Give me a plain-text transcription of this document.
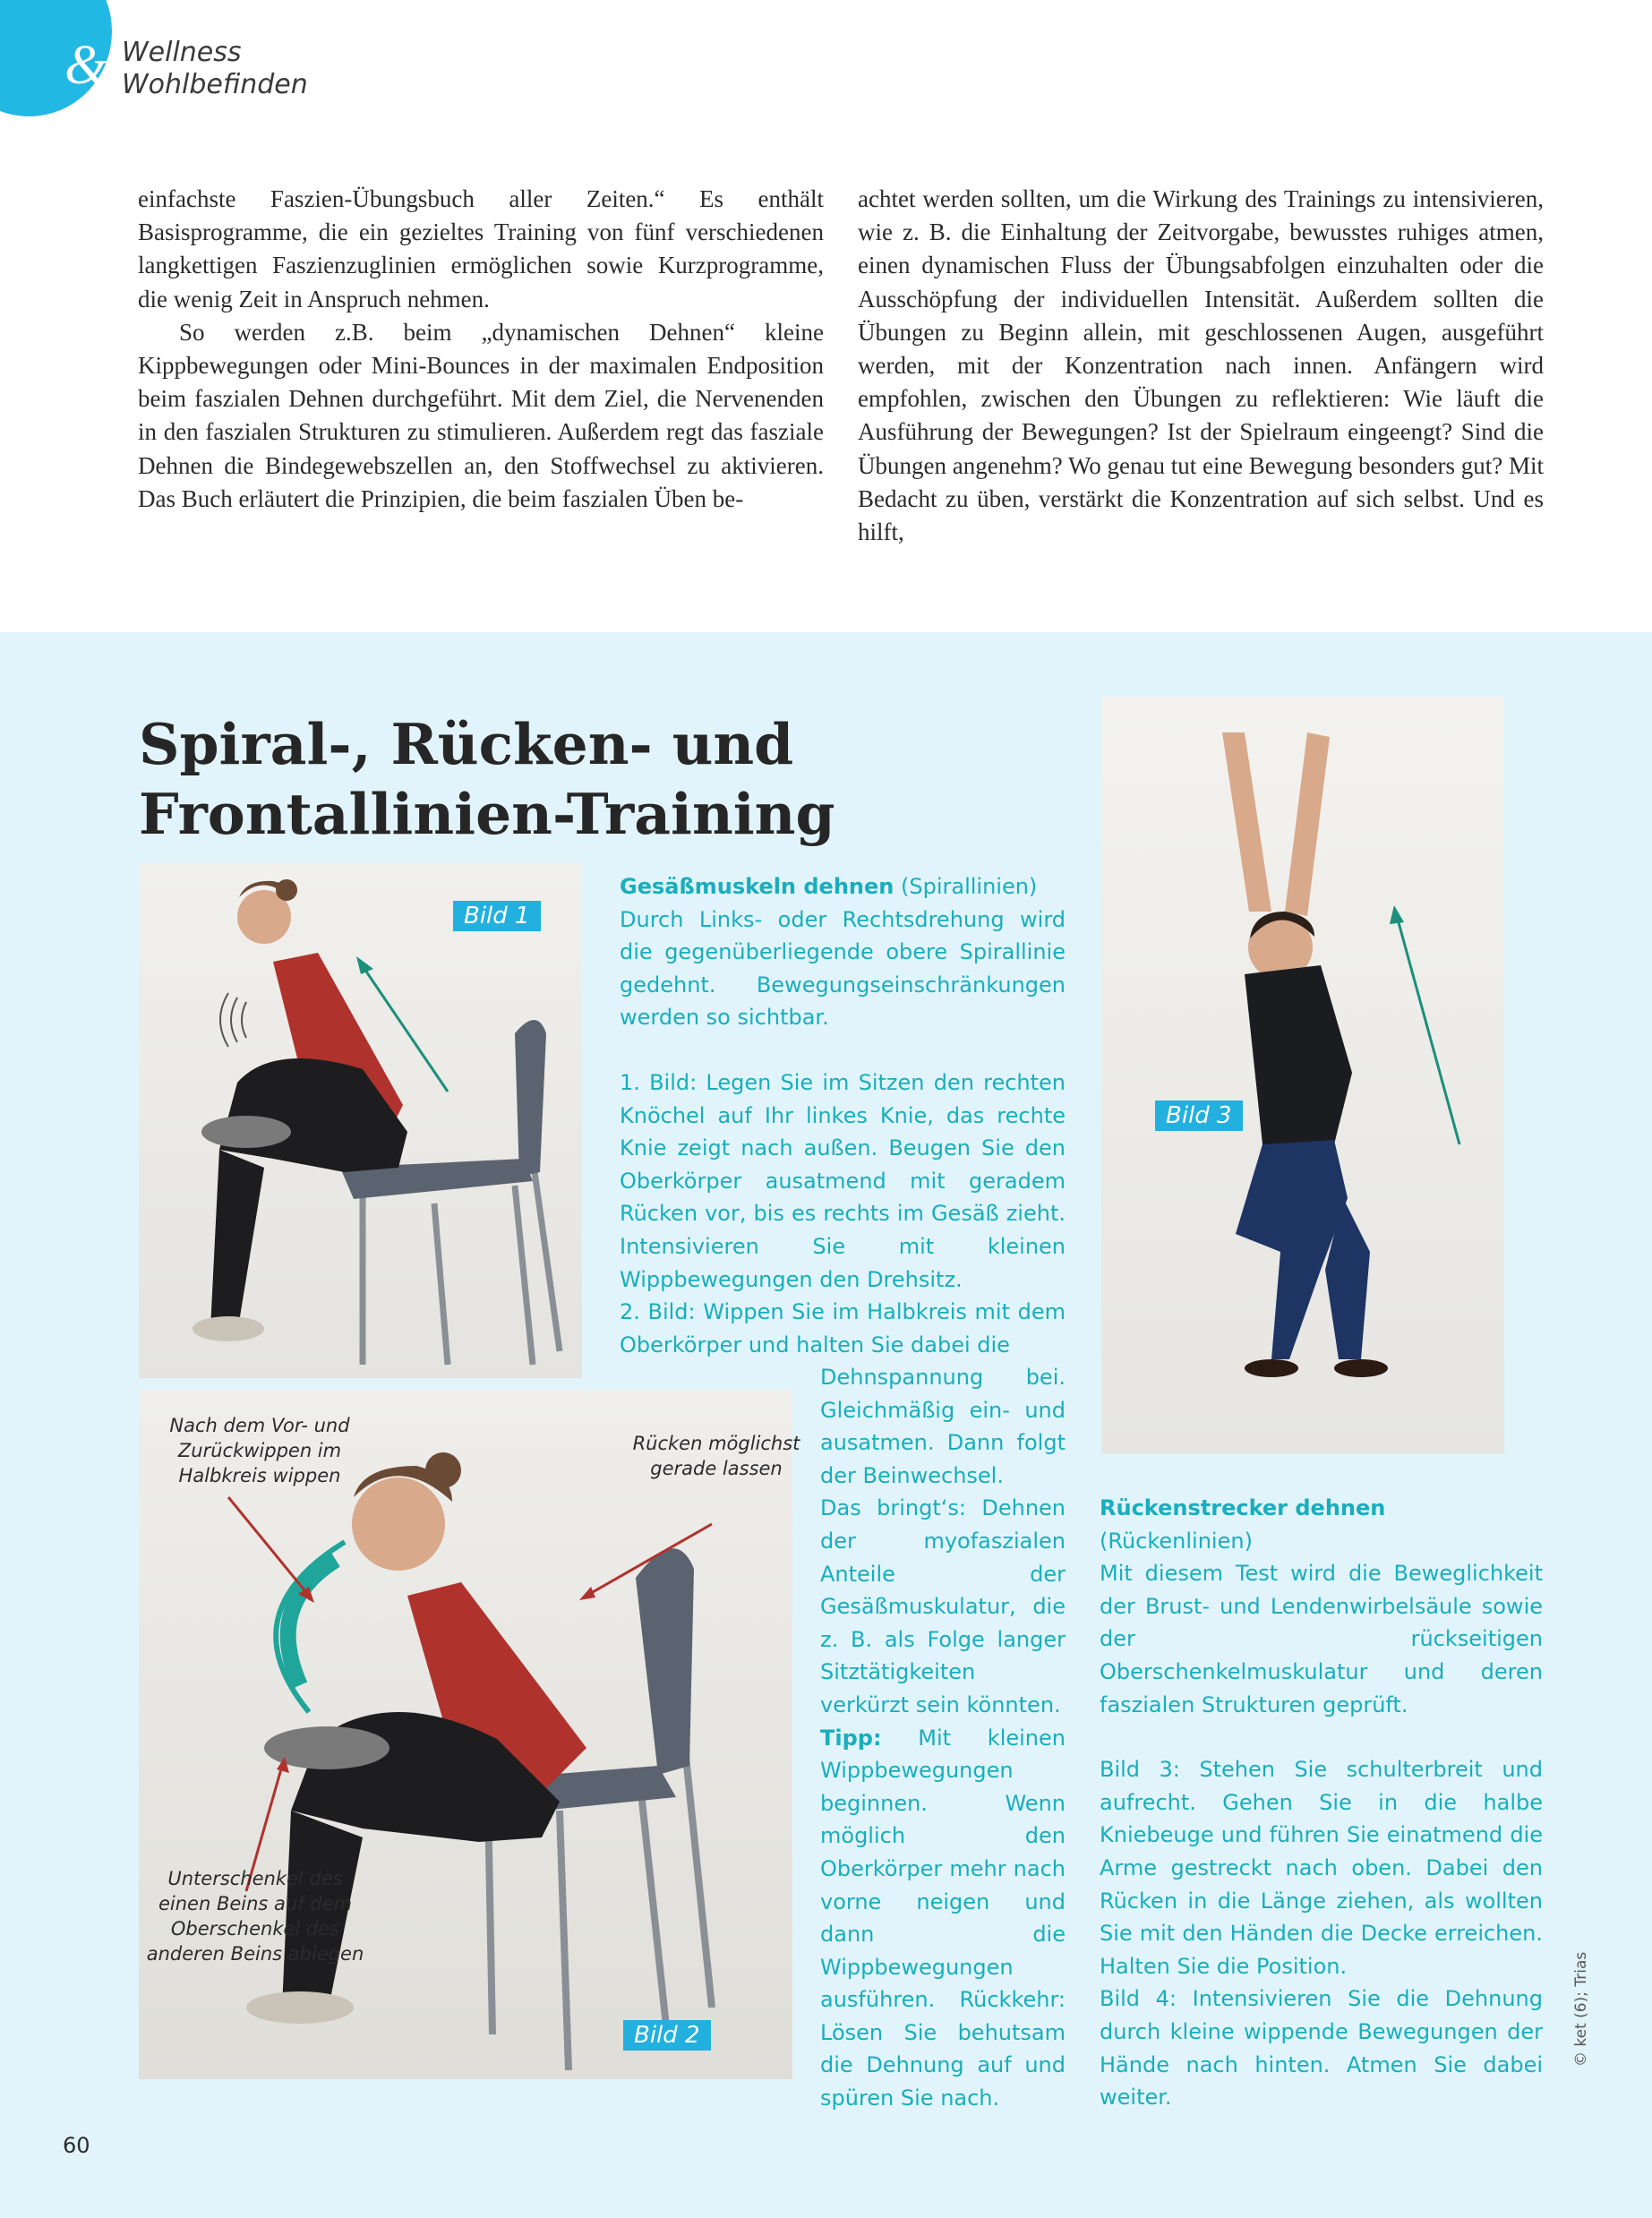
& Wellness
Wohlbefinden

einfachste Faszien-Übungsbuch aller Zeiten.“ Es enthält Basisprogramme, die ein gezieltes Training von fünf verschiedenen langkettigen Faszienzuglinien ermöglichen sowie Kurzprogramme, die wenig Zeit in Anspruch nehmen.

So werden z.B. beim „dynamischen Dehnen“ kleine Kippbewegungen oder Mini-Bounces in der maximalen Endposition beim faszialen Dehnen durchgeführt. Mit dem Ziel, die Nervenenden in den faszialen Strukturen zu stimulieren. Außerdem regt das fasziale Dehnen die Bindegewebszellen an, den Stoffwechsel zu aktivieren. Das Buch erläutert die Prinzipien, die beim faszialen Üben be-

achtet werden sollten, um die Wirkung des Trainings zu intensivieren, wie z. B. die Einhaltung der Zeitvorgabe, bewusstes ruhiges atmen, einen dynamischen Fluss der Übungsabfolgen einzuhalten oder die Ausschöpfung der individuellen Intensität. Außerdem sollten die Übungen zu Beginn allein, mit geschlossenen Augen, ausgeführt werden, mit der Konzentration nach innen. Anfängern wird empfohlen, zwischen den Übungen zu reflektieren: Wie läuft die Ausführung der Bewegungen? Ist der Spielraum eingeengt? Sind die Übungen angenehm? Wo genau tut eine Bewegung besonders gut? Mit Bedacht zu üben, verstärkt die Konzentration auf sich selbst. Und es hilft,

Spiral-, Rücken- und
Frontallinien-Training
Bild 1
Nach dem Vor- und Zurückwippen im Halbkreis wippen
Rücken möglichst gerade lassen
Unterschenkel des einen Beins auf dem Oberschenkel des anderen Beins ablegen
Bild 2
Bild 3

Gesäßmuskeln dehnen (Spirallinien)

Durch Links- oder Rechtsdrehung wird die gegenüberliegende obere Spirallinie gedehnt. Bewegungseinschränkungen werden so sichtbar.

1. Bild: Legen Sie im Sitzen den rechten Knöchel auf Ihr linkes Knie, das rechte Knie zeigt nach außen. Beugen Sie den Oberkörper ausatmend mit geradem Rücken vor, bis es rechts im Gesäß zieht. Intensivieren Sie mit kleinen Wippbewegungen den Drehsitz.

2. Bild: Wippen Sie im Halbkreis mit dem Oberkörper und halten Sie dabei die

Dehnspannung bei. Gleichmäßig ein- und ausatmen. Dann folgt der Beinwechsel.

Das bringt‘s: Dehnen der myofaszialen Anteile der Gesäßmuskulatur, die z. B. als Folge langer Sitztätigkeiten verkürzt sein könnten.

Tipp: Mit kleinen Wippbewegungen beginnen. Wenn möglich den Oberkörper mehr nach vorne neigen und dann die Wippbewegungen ausführen. Rückkehr: Lösen Sie behutsam die Dehnung auf und spüren Sie nach.

Rückenstrecker dehnen (Rückenlinien)

Mit diesem Test wird die Beweglichkeit der Brust- und Lendenwirbelsäule sowie der rückseitigen Oberschenkelmuskulatur und deren faszialen Strukturen geprüft.

Bild 3: Stehen Sie schulterbreit und aufrecht. Gehen Sie in die halbe Kniebeuge und führen Sie einatmend die Arme gestreckt nach oben. Dabei den Rücken in die Länge ziehen, als wollten Sie mit den Händen die Decke erreichen. Halten Sie die Position.

Bild 4: Intensivieren Sie die Dehnung durch kleine wippende Bewegungen der Hände nach hinten. Atmen Sie dabei weiter.

© ket (6); Trias
60
